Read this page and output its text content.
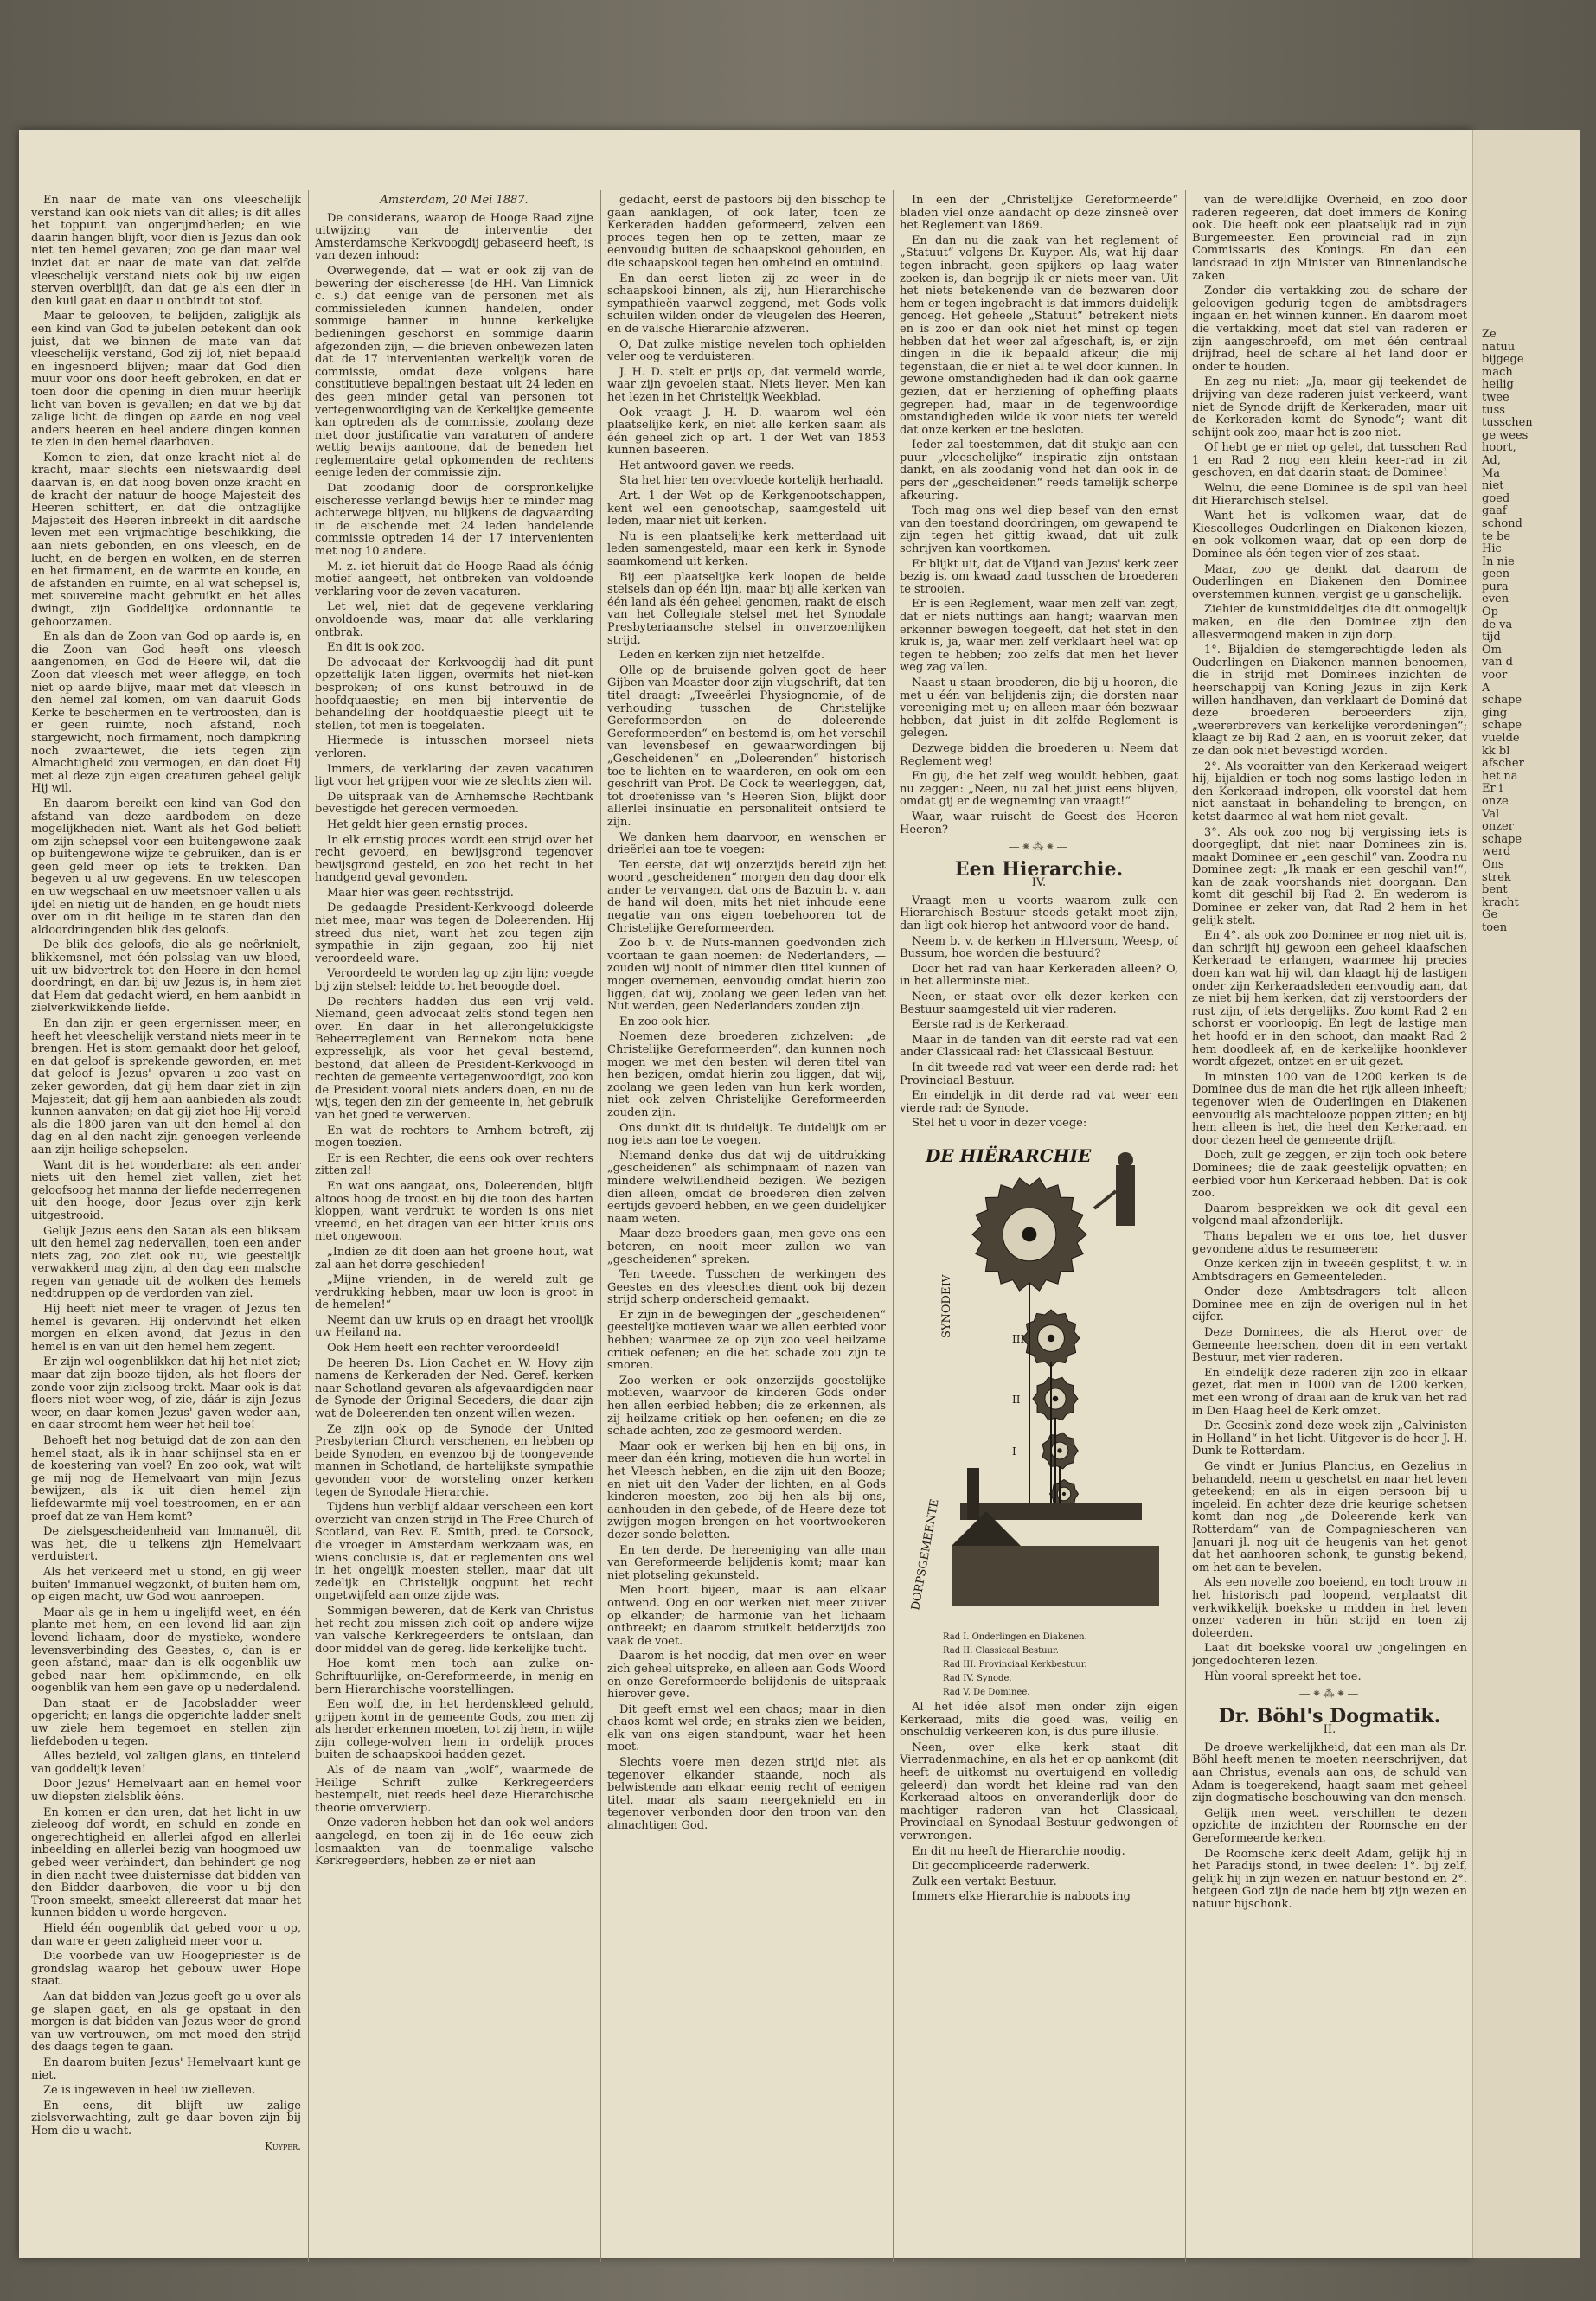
Ze
natuu
bijgege
mach
heilig
twee
tuss
tusschen
ge wees
hoort,
Ad,
Ma
niet
goed
gaaf
schond
te be
Hic
In nie
geen
pura
even
Op
de va
tijd
Om
van d
voor
A
schape
ging
schape
vuelde
kk bl
afscher
het na
Er i
onze
Val
onzer
schape
werd
Ons
strek
bent
kracht
Ge
toen

En naar de mate van ons vleeschelijk verstand kan ook niets van dit alles; is dit alles het toppunt van ongerijmdheden; en wie daarin hangen blijft, voor dien is Jezus dan ook niet ten hemel gevaren; zoo ge dan maar wel inziet dat er naar de mate van dat zelfde vleeschelijk verstand niets ook bij uw eigen sterven overblijft, dan dat ge als een dier in den kuil gaat en daar u ontbindt tot stof.

Maar te gelooven, te belijden, zaliglijk als een kind van God te jubelen betekent dan ook juist, dat we binnen de mate van dat vleeschelijk verstand, God zij lof, niet bepaald en ingesnoerd blijven; maar dat God dien muur voor ons door heeft gebroken, en dat er toen door die opening in dien muur heerlijk licht van boven is gevallen; en dat we bij dat zalige licht de dingen op aarde en nog veel anders heeren en heel andere dingen konnen te zien in den hemel daarboven.

Komen te zien, dat onze kracht niet al de kracht, maar slechts een nietswaardig deel daarvan is, en dat hoog boven onze kracht en de kracht der natuur de hooge Majesteit des Heeren schittert, en dat die ontzaglijke Majesteit des Heeren inbreekt in dit aardsche leven met een vrijmachtige beschikking, die aan niets gebonden, en ons vleesch, en de lucht, en de bergen en wolken, en de sterren en het firmament, en de warmte en koude, en de afstanden en ruimte, en al wat schepsel is, met souvereine macht gebruikt en het alles dwingt, zijn Goddelijke ordonnantie te gehoorzamen.

En als dan de Zoon van God op aarde is, en die Zoon van God heeft ons vleesch aangenomen, en God de Heere wil, dat die Zoon dat vleesch met weer aflegge, en toch niet op aarde blijve, maar met dat vleesch in den hemel zal komen, om van daaruit Gods Kerke te beschermen en te vertroosten, dan is er geen ruimte, noch afstand, noch stargewicht, noch firmament, noch dampkring noch zwaartewet, die iets tegen zijn Almachtigheid zou vermogen, en dan doet Hij met al deze zijn eigen creaturen geheel gelijk Hij wil.

En daarom bereikt een kind van God den afstand van deze aardbodem en deze mogelijkheden niet. Want als het God belieft om zijn schepsel voor een buitengewone zaak op buitengewone wijze te gebruiken, dan is er geen geld meer op iets te trekken. Dan begeven u al uw gegevens. En uw telescopen en uw wegschaal en uw meetsnoer vallen u als ijdel en nietig uit de handen, en ge houdt niets over om in dit heilige in te staren dan den aldoordringenden blik des geloofs.

De blik des geloofs, die als ge neêrknielt, blikkemsnel, met één polsslag van uw bloed, uit uw bidvertrek tot den Heere in den hemel doordringt, en dan bij uw Jezus is, in hem ziet dat Hem dat gedacht wierd, en hem aanbidt in zielverkwikkende liefde.

En dan zijn er geen ergernissen meer, en heeft het vleeschelijk verstand niets meer in te brengen. Het is stom gemaakt door het geloof, en dat geloof is sprekende geworden, en met dat geloof is Jezus' opvaren u zoo vast en zeker geworden, dat gij hem daar ziet in zijn Majesteit; dat gij hem aan aanbieden als zoudt kunnen aanvaten; en dat gij ziet hoe Hij vereld als die 1800 jaren van uit den hemel al den dag en al den nacht zijn genoegen verleende aan zijn heilige schepselen.

Want dit is het wonderbare: als een ander niets uit den hemel ziet vallen, ziet het geloofsoog het manna der liefde nederregenen uit den hooge, door Jezus over zijn kerk uitgestrooid.

Gelijk Jezus eens den Satan als een bliksem uit den hemel zag nedervallen, toen een ander niets zag, zoo ziet ook nu, wie geestelijk verwakkerd mag zijn, al den dag een malsche regen van genade uit de wolken des hemels nedtdruppen op de verdorden van ziel.

Hij heeft niet meer te vragen of Jezus ten hemel is gevaren. Hij ondervindt het elken morgen en elken avond, dat Jezus in den hemel is en van uit den hemel hem zegent.

Er zijn wel oogenblikken dat hij het niet ziet; maar dat zijn booze tijden, als het floers der zonde voor zijn zielsoog trekt. Maar ook is dat floers niet weer weg, of zie, dáár is zijn Jezus weer, en daar komen Jezus' gaven weder aan, en daar stroomt hem weer het heil toe!

Behoeft het nog betuigd dat de zon aan den hemel staat, als ik in haar schijnsel sta en er de koestering van voel? En zoo ook, wat wilt ge mij nog de Hemelvaart van mijn Jezus bewijzen, als ik uit dien hemel zijn liefdewarmte mij voel toestroomen, en er aan proef dat ze van Hem komt?

De zielsgescheidenheid van Immanuël, dit was het, die u telkens zijn Hemelvaart verduistert.

Als het verkeerd met u stond, en gij weer buiten' Immanuel wegzonkt, of buiten hem om, op eigen macht, uw God wou aanroepen.

Maar als ge in hem u ingelijfd weet, en één plante met hem, en een levend lid aan zijn levend lichaam, door de mystieke, wondere levensverbinding des Geestes, o, dan is er geen afstand, maar dan is elk oogenblik uw gebed naar hem opklimmende, en elk oogenblik van hem een gave op u nederdalend.

Dan staat er de Jacobsladder weer opgericht; en langs die opgerichte ladder snelt uw ziele hem tegemoet en stellen zijn liefdeboden u tegen.

Alles bezield, vol zaligen glans, en tintelend van goddelijk leven!

Door Jezus' Hemelvaart aan en hemel voor uw diepsten zielsblik ééns.

En komen er dan uren, dat het licht in uw zieleoog dof wordt, en schuld en zonde en ongerechtigheid en allerlei afgod en allerlei inbeelding en allerlei bezig van hoogmoed uw gebed weer verhindert, dan behindert ge nog in dien nacht twee duisternisse dat bidden van den Bidder daarboven, die voor u bij den Troon smeekt, smeekt allereerst dat maar het kunnen bidden u worde hergeven.

Hield één oogenblik dat gebed voor u op, dan ware er geen zaligheid meer voor u.

Die voorbede van uw Hoogepriester is de grondslag waarop het gebouw uwer Hope staat.

Aan dat bidden van Jezus geeft ge u over als ge slapen gaat, en als ge opstaat in den morgen is dat bidden van Jezus weer de grond van uw vertrouwen, om met moed den strijd des daags tegen te gaan.

En daarom buiten Jezus' Hemelvaart kunt ge niet.

Ze is ingeweven in heel uw zielleven.

En eens, dit blijft uw zalige zielsverwachting, zult ge daar boven zijn bij Hem die u wacht.

Kuyper.
Amsterdam, 20 Mei 1887.

De considerans, waarop de Hooge Raad zijne uitwijzing van de interventie der Amsterdamsche Kerkvoogdij gebaseerd heeft, is van dezen inhoud:

Overwegende, dat — wat er ook zij van de bewering der eischeresse (de HH. Van Limnick c. s.) dat eenige van de personen met als commissieleden kunnen handelen, onder sommige banner in hunne kerkelijke bedieningen geschorst en sommige daarin afgezonden zijn, — die brieven onbewezen laten dat de 17 intervenienten werkelijk voren de commissie, omdat deze volgens hare constitutieve bepalingen bestaat uit 24 leden en des geen minder getal van personen tot vertegenwoordiging van de Kerkelijke gemeente kan optreden als de commissie, zoolang deze niet door justificatie van varaturen of andere wettig bewijs aantoone, dat de beneden het reglementaire getal opkomenden de rechtens eenige leden der commissie zijn.

Dat zoodanig door de oorspronkelijke eischeresse verlangd bewijs hier te minder mag achterwege blijven, nu blijkens de dagvaarding in de eischende met 24 leden handelende commissie optreden 14 der 17 intervenienten met nog 10 andere.

M. z. iet hieruit dat de Hooge Raad als éénig motief aangeeft, het ontbreken van voldoende verklaring voor de zeven vacaturen.

Let wel, niet dat de gegevene verklaring onvoldoende was, maar dat alle verklaring ontbrak.

En dit is ook zoo.

De advocaat der Kerkvoogdij had dit punt opzettelijk laten liggen, overmits het niet-ken besproken; of ons kunst betrouwd in de hoofdquaestie; en men bij interventie de behandeling der hoofdquaestie pleegt uit te stellen, tot men is toegelaten.

Hiermede is intusschen morseel niets verloren.

Immers, de verklaring der zeven vacaturen ligt voor het grijpen voor wie ze slechts zien wil.

De uitspraak van de Arnhemsche Rechtbank bevestigde het gerecen vermoeden.

Het geldt hier geen ernstig proces.

In elk ernstig proces wordt een strijd over het recht gevoerd, en bewijsgrond tegenover bewijsgrond gesteld, en zoo het recht in het handgend geval gevonden.

Maar hier was geen rechtsstrijd.

De gedaagde President-Kerkvoogd doleerde niet mee, maar was tegen de Doleerenden. Hij streed dus niet, want het zou tegen zijn sympathie in zijn gegaan, zoo hij niet veroordeeld ware.

Veroordeeld te worden lag op zijn lijn; voegde bij zijn stelsel; leidde tot het beoogde doel.

De rechters hadden dus een vrij veld. Niemand, geen advocaat zelfs stond tegen hen over. En daar in het allerongelukkigste Beheerreglement van Bennekom nota bene expresselijk, als voor het geval bestemd, bestond, dat alleen de President-Kerkvoogd in rechten de gemeente vertegenwoordigt, zoo kon de President vooral niets anders doen, en nu de wijs, tegen den zin der gemeente in, het gebruik van het goed te verwerven.

En wat de rechters te Arnhem betreft, zij mogen toezien.

Er is een Rechter, die eens ook over rechters zitten zal!

En wat ons aangaat, ons, Doleerenden, blijft altoos hoog de troost en bij die toon des harten kloppen, want verdrukt te worden is ons niet vreemd, en het dragen van een bitter kruis ons niet ongewoon.

„Indien ze dit doen aan het groene hout, wat zal aan het dorre geschieden!

„Mijne vrienden, in de wereld zult ge verdrukking hebben, maar uw loon is groot in de hemelen!“

Neemt dan uw kruis op en draagt het vroolijk uw Heiland na.

Ook Hem heeft een rechter veroordeeld!

De heeren Ds. Lion Cachet en W. Hovy zijn namens de Kerkeraden der Ned. Geref. kerken naar Schotland gevaren als afgevaardigden naar de Synode der Original Seceders, die daar zijn wat de Doleerenden ten onzent willen wezen.

Ze zijn ook op de Synode der United Presbyterian Church verschenen, en hebben op beide Synoden, en evenzoo bij de toongevende mannen in Schotland, de hartelijkste sympathie gevonden voor de worsteling onzer kerken tegen de Synodale Hierarchie.

Tijdens hun verblijf aldaar verscheen een kort overzicht van onzen strijd in The Free Church of Scotland, van Rev. E. Smith, pred. te Corsock, die vroeger in Amsterdam werkzaam was, en wiens conclusie is, dat er reglementen ons wel in het ongelijk moesten stellen, maar dat uit zedelijk en Christelijk oogpunt het recht ongetwijfeld aan onze zijde was.

Sommigen beweren, dat de Kerk van Christus het recht zou missen zich ooit op andere wijze van valsche Kerkregeerders te ontslaan, dan door middel van de gereg. lide kerkelijke tucht.

Hoe komt men toch aan zulke on-Schriftuurlijke, on-Gereformeerde, in menig en bern Hierarchische voorstellingen.

Een wolf, die, in het herdenskleed gehuld, grijpen komt in de gemeente Gods, zou men zij als herder erkennen moeten, tot zij hem, in wijle zijn college-wolven hem in ordelijk proces buiten de schaapskooi hadden gezet.

Als of de naam van „wolf“, waarmede de Heilige Schrift zulke Kerkregeerders bestempelt, niet reeds heel deze Hierarchische theorie omverwierp.

Onze vaderen hebben het dan ook wel anders aangelegd, en toen zij in de 16e eeuw zich losmaakten van de toenmalige valsche Kerkregeerders, hebben ze er niet aan

gedacht, eerst de pastoors bij den bisschop te gaan aanklagen, of ook later, toen ze Kerkeraden hadden geformeerd, zelven een proces tegen hen op te zetten, maar ze eenvoudig buiten de schaapskooi gehouden, en die schaapskooi tegen hen omheind en omtuind.

En dan eerst lieten zij ze weer in de schaapskooi binnen, als zij, hun Hierarchische sympathieën vaarwel zeggend, met Gods volk schuilen wilden onder de vleugelen des Heeren, en de valsche Hierarchie afzweren.

O, Dat zulke mistige nevelen toch ophielden veler oog te verduisteren.

J. H. D. stelt er prijs op, dat vermeld worde, waar zijn gevoelen staat. Niets liever. Men kan het lezen in het Christelijk Weekblad.

Ook vraagt J. H. D. waarom wel één plaatselijke kerk, en niet alle kerken saam als één geheel zich op art. 1 der Wet van 1853 kunnen baseeren.

Het antwoord gaven we reeds.

Sta het hier ten overvloede kortelijk herhaald.

Art. 1 der Wet op de Kerkgenootschappen, kent wel een genootschap, saamgesteld uit leden, maar niet uit kerken.

Nu is een plaatselijke kerk metterdaad uit leden samengesteld, maar een kerk in Synode saamkomend uit kerken.

Bij een plaatselijke kerk loopen de beide stelsels dan op één lijn, maar bij alle kerken van één land als één geheel genomen, raakt de eisch van het Collegiale stelsel met het Synodale Presbyteriaansche stelsel in onverzoenlijken strijd.

Leden en kerken zijn niet hetzelfde.

Olle op de bruisende golven goot de heer Gijben van Moaster door zijn vlugschrift, dat ten titel draagt: „Tweeërlei Physiognomie, of de verhouding tusschen de Christelijke Gereformeerden en de doleerende Gereformeerden“ en bestemd is, om het verschil van levensbesef en gewaarwordingen bij „Gescheidenen“ en „Doleerenden“ historisch toe te lichten en te waarderen, en ook om een geschrift van Prof. De Cock te weerleggen, dat, tot droefenisse van 's Heeren Sion, blijkt door allerlei insinuatie en personaliteit ontsierd te zijn.

We danken hem daarvoor, en wenschen er drieërlei aan toe te voegen:

Ten eerste, dat wij onzerzijds bereid zijn het woord „gescheidenen“ morgen den dag door elk ander te vervangen, dat ons de Bazuin b. v. aan de hand wil doen, mits het niet inhoude eene negatie van ons eigen toebehooren tot de Christelijke Gereformeerden.

Zoo b. v. de Nuts-mannen goedvonden zich voortaan te gaan noemen: de Nederlanders, — zouden wij nooit of nimmer dien titel kunnen of mogen overnemen, eenvoudig omdat hierin zoo liggen, dat wij, zoolang we geen leden van het Nut werden, geen Nederlanders zouden zijn.

En zoo ook hier.

Noemen deze broederen zichzelven: „de Christelijke Gereformeerden“, dan kunnen noch mogen we met den besten wil deren titel van hen bezigen, omdat hierin zou liggen, dat wij, zoolang we geen leden van hun kerk worden, niet ook zelven Christelijke Gereformeerden zouden zijn.

Ons dunkt dit is duidelijk. Te duidelijk om er nog iets aan toe te voegen.

Niemand denke dus dat wij de uitdrukking „gescheidenen“ als schimpnaam of nazen van mindere welwillendheid bezigen. We bezigen dien alleen, omdat de broederen dien zelven eertijds gevoerd hebben, en we geen duidelijker naam weten.

Maar deze broeders gaan, men geve ons een beteren, en nooit meer zullen we van „gescheidenen“ spreken.

Ten tweede. Tusschen de werkingen des Geestes en des vleesches dient ook bij dezen strijd scherp onderscheid gemaakt.

Er zijn in de bewegingen der „gescheidenen“ geestelijke motieven waar we allen eerbied voor hebben; waarmee ze op zijn zoo veel heilzame critiek oefenen; en die het schade zou zijn te smoren.

Zoo werken er ook onzerzijds geestelijke motieven, waarvoor de kinderen Gods onder hen allen eerbied hebben; die ze erkennen, als zij heilzame critiek op hen oefenen; en die ze schade achten, zoo ze gesmoord werden.

Maar ook er werken bij hen en bij ons, in meer dan één kring, motieven die hun wortel in het Vleesch hebben, en die zijn uit den Booze; en niet uit den Vader der lichten, en al Gods kinderen moesten, zoo bij hen als bij ons, aanhouden in den gebede, of de Heere deze tot zwijgen mogen brengen en het voortwoekeren dezer sonde beletten.

En ten derde. De hereeniging van alle man van Gereformeerde belijdenis komt; maar kan niet plotseling gekunsteld.

Men hoort bijeen, maar is aan elkaar ontwend. Oog en oor werken niet meer zuiver op elkander; de harmonie van het lichaam ontbreekt; en daarom struikelt beiderzijds zoo vaak de voet.

Daarom is het noodig, dat men over en weer zich geheel uitspreke, en alleen aan Gods Woord en onze Gereformeerde belijdenis de uitspraak hierover geve.

Dit geeft ernst wel een chaos; maar in dien chaos komt wel orde; en straks zien we beiden, elk van ons eigen standpunt, waar het heen moet.

Slechts voere men dezen strijd niet als tegenover elkander staande, noch als belwistende aan elkaar eenig recht of eenigen titel, maar als saam neergeknield en in tegenover verbonden door den troon van den almachtigen God.

In een der „Christelijke Gereformeerde“ bladen viel onze aandacht op deze zinsneê over het Reglement van 1869.

En dan nu die zaak van het reglement of „Statuut“ volgens Dr. Kuyper. Als, wat hij daar tegen inbracht, geen spijkers op laag water zoeken is, dan begrijp ik er niets meer van. Uit het niets betekenende van de bezwaren door hem er tegen ingebracht is dat immers duidelijk genoeg. Het geheele „Statuut“ betrekent niets en is zoo er dan ook niet het minst op tegen hebben dat het weer zal afgeschaft, is, er zijn dingen in die ik bepaald afkeur, die mij tegenstaan, die er niet al te wel door kunnen. In gewone omstandigheden had ik dan ook gaarne gezien, dat er herziening of opheffing plaats gegrepen had, maar in de tegenwoordige omstandigheden wilde ik voor niets ter wereld dat onze kerken er toe besloten.

Ieder zal toestemmen, dat dit stukje aan een puur „vleeschelijke“ inspiratie zijn ontstaan dankt, en als zoodanig vond het dan ook in de pers der „gescheidenen“ reeds tamelijk scherpe afkeuring.

Toch mag ons wel diep besef van den ernst van den toestand doordringen, om gewapend te zijn tegen het gittig kwaad, dat uit zulk schrijven kan voortkomen.

Er blijkt uit, dat de Vijand van Jezus' kerk zeer bezig is, om kwaad zaad tusschen de broederen te strooien.

Er is een Reglement, waar men zelf van zegt, dat er niets nuttings aan hangt; waarvan men erkenner bewegen toegeeft, dat het stet in den kruk is, ja, waar men zelf verklaart heel wat op tegen te hebben; zoo zelfs dat men het liever weg zag vallen.

Naast u staan broederen, die bij u hooren, die met u één van belijdenis zijn; die dorsten naar vereeniging met u; en alleen maar één bezwaar hebben, dat juist in dit zelfde Reglement is gelegen.

Dezwege bidden die broederen u: Neem dat Reglement weg!

En gij, die het zelf weg wouldt hebben, gaat nu zeggen: „Neen, nu zal het juist eens blijven, omdat gij er de wegneming van vraagt!“

Waar, waar ruischt de Geest des Heeren Heeren?

—⁕⁂⁕—
Een Hierarchie.
IV.

Vraagt men u voorts waarom zulk een Hierarchisch Bestuur steeds getakt moet zijn, dan ligt ook hierop het antwoord voor de hand.

Neem b. v. de kerken in Hilversum, Weesp, of Bussum, hoe worden die bestuurd?

Door het rad van haar Kerkeraden alleen? O, in het allerminste niet.

Neen, er staat over elk dezer kerken een Bestuur saamgesteld uit vier raderen.

Eerste rad is de Kerkeraad.

Maar in de tanden van dit eerste rad vat een ander Classicaal rad: het Classicaal Bestuur.

In dit tweede rad vat weer een derde rad: het Provinciaal Bestuur.

En eindelijk in dit derde rad vat weer een vierde rad: de Synode.

Stel het u voor in dezer voege:

DE HIËRARCHIE
SYNODE
IV
DORPSGEMEENTE
III
II
I
Rad I. Onderlingen en Diakenen.
Rad II. Classicaal Bestuur.
Rad III. Provinciaal Kerkbestuur.
Rad IV. Synode.
Rad V. De Dominee.

Al het idée alsof men onder zijn eigen Kerkeraad, mits die goed was, veilig en onschuldig verkeeren kon, is dus pure illusie.

Neen, over elke kerk staat dit Vierradenmachine, en als het er op aankomt (dit heeft de uitkomst nu overtuigend en volledig geleerd) dan wordt het kleine rad van den Kerkeraad altoos en onveranderlijk door de machtiger raderen van het Classicaal, Provinciaal en Synodaal Bestuur gedwongen of verwrongen.

En dit nu heeft de Hierarchie noodig.

Dit gecompliceerde raderwerk.

Zulk een vertakt Bestuur.

Immers elke Hierarchie is naboots ing

van de wereldlijke Overheid, en zoo door raderen regeeren, dat doet immers de Koning ook. Die heeft ook een plaatselijk rad in zijn Burgemeester. Een provincial rad in zijn Commissaris des Konings. En dan een landsraad in zijn Minister van Binnenlandsche zaken.

Zonder die vertakking zou de schare der geloovigen gedurig tegen de ambtsdragers ingaan en het winnen kunnen. En daarom moet die vertakking, moet dat stel van raderen er zijn aangeschroefd, om met één centraal drijfrad, heel de schare al het land door er onder te houden.

En zeg nu niet: „Ja, maar gij teekendet de drijving van deze raderen juist verkeerd, want niet de Synode drijft de Kerkeraden, maar uit de Kerkeraden komt de Synode“; want dit schijnt ook zoo, maar het is zoo niet.

Of hebt ge er niet op gelet, dat tusschen Rad 1 en Rad 2 nog een klein keer-rad in zit geschoven, en dat daarin staat: de Dominee!

Welnu, die eene Dominee is de spil van heel dit Hierarchisch stelsel.

Want het is volkomen waar, dat de Kiescolleges Ouderlingen en Diakenen kiezen, en ook volkomen waar, dat op een dorp de Dominee als één tegen vier of zes staat.

Maar, zoo ge denkt dat daarom de Ouderlingen en Diakenen den Dominee overstemmen kunnen, vergist ge u ganschelijk.

Ziehier de kunstmiddeltjes die dit onmogelijk maken, en die den Dominee zijn den allesvermogend maken in zijn dorp.

1°. Bijaldien de stemgerechtigde leden als Ouderlingen en Diakenen mannen benoemen, die in strijd met Dominees inzichten de heerschappij van Koning Jezus in zijn Kerk willen handhaven, dan verklaart de Dominé dat deze broederen beroeerders zijn, „weererbrevers van kerkelijke verordeningen“; klaagt ze bij Rad 2 aan, en is vooruit zeker, dat ze dan ook niet bevestigd worden.

2°. Als vooraitter van den Kerkeraad weigert hij, bijaldien er toch nog soms lastige leden in den Kerkeraad indropen, elk voorstel dat hem niet aanstaat in behandeling te brengen, en ketst daarmee al wat hem niet gevalt.

3°. Als ook zoo nog bij vergissing iets is doorgeglipt, dat niet naar Dominees zin is, maakt Dominee er „een geschil“ van. Zoodra nu Dominee zegt: „Ik maak er een geschil van!“, kan de zaak voorshands niet doorgaan. Dan komt dit geschil bij Rad 2. En wederom is Dominee er zeker van, dat Rad 2 hem in het gelijk stelt.

En 4°. als ook zoo Dominee er nog niet uit is, dan schrijft hij gewoon een geheel klaafschen Kerkeraad te erlangen, waarmee hij precies doen kan wat hij wil, dan klaagt hij de lastigen onder zijn Kerkeraadsleden eenvoudig aan, dat ze niet bij hem kerken, dat zij verstoorders der rust zijn, of iets dergelijks. Zoo komt Rad 2 en schorst er voorloopig. En legt de lastige man het hoofd er in den schoot, dan maakt Rad 2 hem doodleek af, en de kerkelijke hoonklever wordt afgezet, ontzet en er uit gezet.

In minsten 100 van de 1200 kerken is de Dominee dus de man die het rijk alleen inheeft; tegenover wien de Ouderlingen en Diakenen eenvoudig als machtelooze poppen zitten; en bij hem alleen is het, die heel den Kerkeraad, en door dezen heel de gemeente drijft.

Doch, zult ge zeggen, er zijn toch ook betere Dominees; die de zaak geestelijk opvatten; en eerbied voor hun Kerkeraad hebben. Dat is ook zoo.

Daarom besprekken we ook dit geval een volgend maal afzonderlijk.

Thans bepalen we er ons toe, het dusver gevondene aldus te resumeeren:

Onze kerken zijn in tweeën gesplitst, t. w. in Ambtsdragers en Gemeenteleden.

Onder deze Ambtsdragers telt alleen Dominee mee en zijn de overigen nul in het cijfer.

Deze Dominees, die als Hierot over de Gemeente heerschen, doen dit in een vertakt Bestuur, met vier raderen.

En eindelijk deze raderen zijn zoo in elkaar gezet, dat men in 1000 van de 1200 kerken, met een wrong of draai aan de kruk van het rad in Den Haag heel de Kerk omzet.

Dr. Geesink zond deze week zijn „Calvinisten in Holland“ in het licht. Uitgever is de heer J. H. Dunk te Rotterdam.

Ge vindt er Junius Plancius, en Gezelius in behandeld, neem u geschetst en naar het leven geteekend; en als in eigen persoon bij u ingeleid. En achter deze drie keurige schetsen komt dan nog „de Doleerende kerk van Rotterdam“ van de Compagniescheren van Januari jl. nog uit de heugenis van het genot dat het aanhooren schonk, te gunstig bekend, om het aan te bevelen.

Als een novelle zoo boeiend, en toch trouw in het historisch pad loopend, verplaatst dit verkwikkelijk boekske u midden in het leven onzer vaderen in hün strijd en toen zij doleerden.

Laat dit boekske vooral uw jongelingen en jongedochteren lezen.

Hùn vooral spreekt het toe.

—⁕⁂⁕—
Dr. Böhl's Dogmatik.
II.

De droeve werkelijkheid, dat een man als Dr. Böhl heeft menen te moeten neerschrijven, dat aan Christus, evenals aan ons, de schuld van Adam is toegerekend, haagt saam met geheel zijn dogmatische beschouwing van den mensch.

Gelijk men weet, verschillen te dezen opzichte de inzichten der Roomsche en der Gereformeerde kerken.

De Roomsche kerk deelt Adam, gelijk hij in het Paradijs stond, in twee deelen: 1°. bij zelf, gelijk hij in zijn wezen en natuur bestond en 2°. hetgeen God zijn de nade hem bij zijn wezen en natuur bijschonk.
